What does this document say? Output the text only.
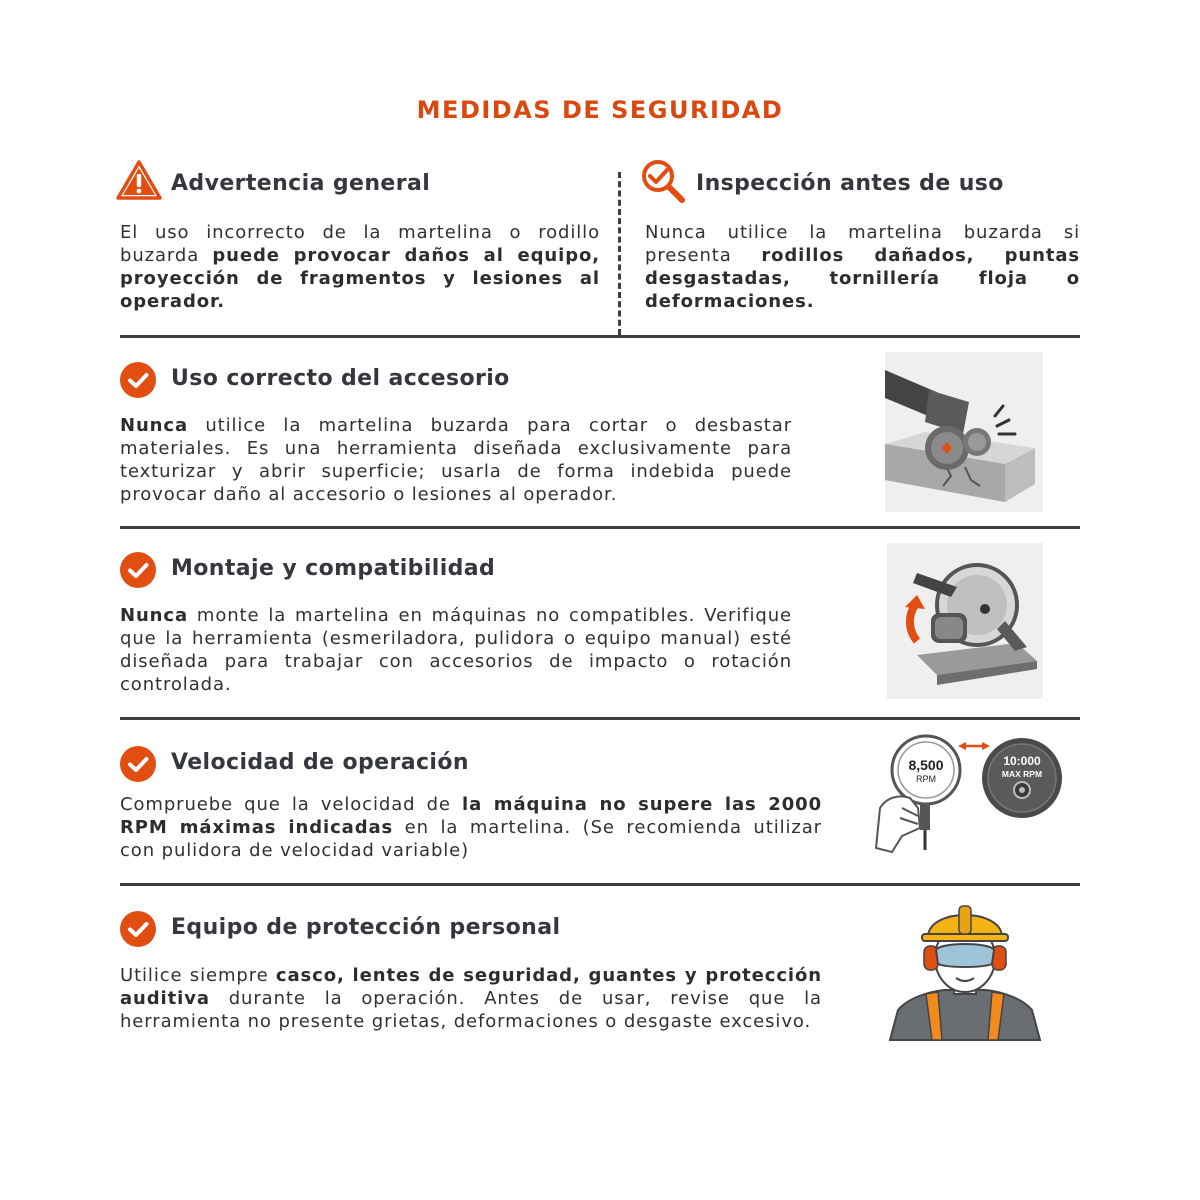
MEDIDAS DE SEGURIDAD
Advertencia general
El uso incorrecto de la martelina o rodillo buzarda puede provocar daños al equipo, proyección de fragmentos y lesiones al operador.
Inspección antes de uso
Nunca utilice la martelina buzarda si presenta rodillos dañados, puntas desgastadas, tornillería floja o deformaciones.
Uso correcto del accesorio
Nunca utilice la martelina buzarda para cortar o desbastar materiales. Es una herramienta diseñada exclusivamente para texturizar y abrir superficie; usarla de forma indebida puede provocar daño al accesorio o lesiones al operador.
Montaje y compatibilidad
Nunca monte la martelina en máquinas no compatibles. Verifique que la herramienta (esmeriladora, pulidora o equipo manual) esté diseñada para trabajar con accesorios de impacto o rotación controlada.
Velocidad de operación
Compruebe que la velocidad de la máquina no supere las 2000 RPM máximas indicadas en la martelina. (Se recomienda utilizar con pulidora de velocidad variable)
8,500
RPM
10:000
MAX RPM
Equipo de protección personal
Utilice siempre casco, lentes de seguridad, guantes y protección auditiva durante la operación. Antes de usar, revise que la herramienta no presente grietas, deformaciones o desgaste excesivo.
